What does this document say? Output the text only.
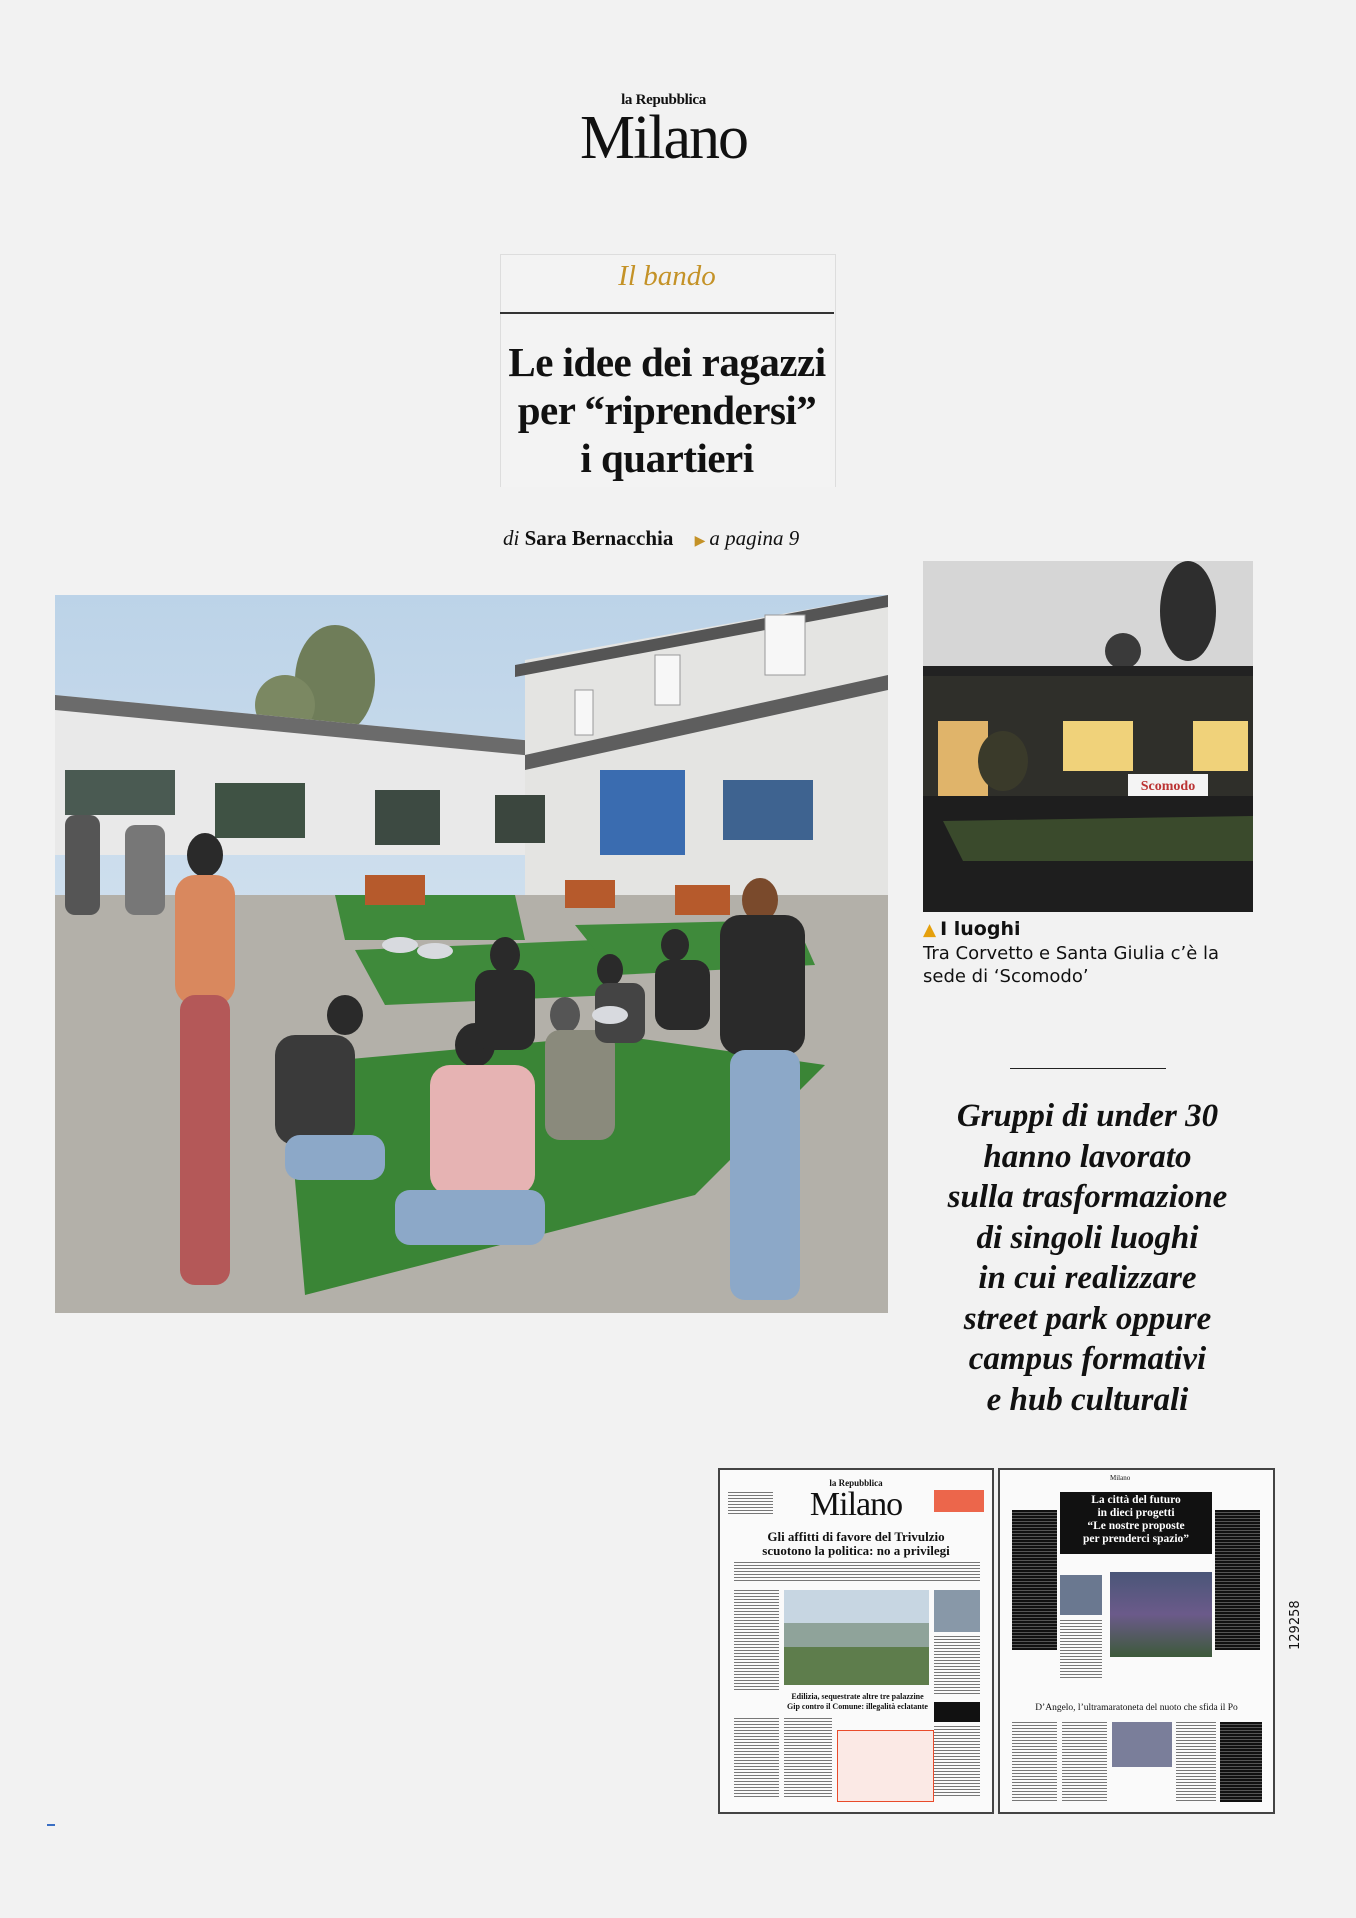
la Repubblica
Milano
Il bando
Le idee dei ragazzi
per “riprendersi”
i quartieri
di Sara Bernacchia ▶ a pagina 9
Scomodo
▲ I luoghi
Tra Corvetto e Santa Giulia c’è la sede di ‘Scomodo’
Gruppi di under 30
hanno lavorato
sulla trasformazione
di singoli luoghi
in cui realizzare
street park oppure
campus formativi
e hub culturali
la Repubblica
Milano
Gli affitti di favore del Trivulzio
scuotono la politica: no a privilegi
Edilizia, sequestrate altre tre palazzine
Gip contro il Comune: illegalità eclatante
Milano
La città del futuro
in dieci progetti
“Le nostre proposte
per prenderci spazio”
D’Angelo, l’ultramaratoneta del nuoto che sfida il Po
129258
